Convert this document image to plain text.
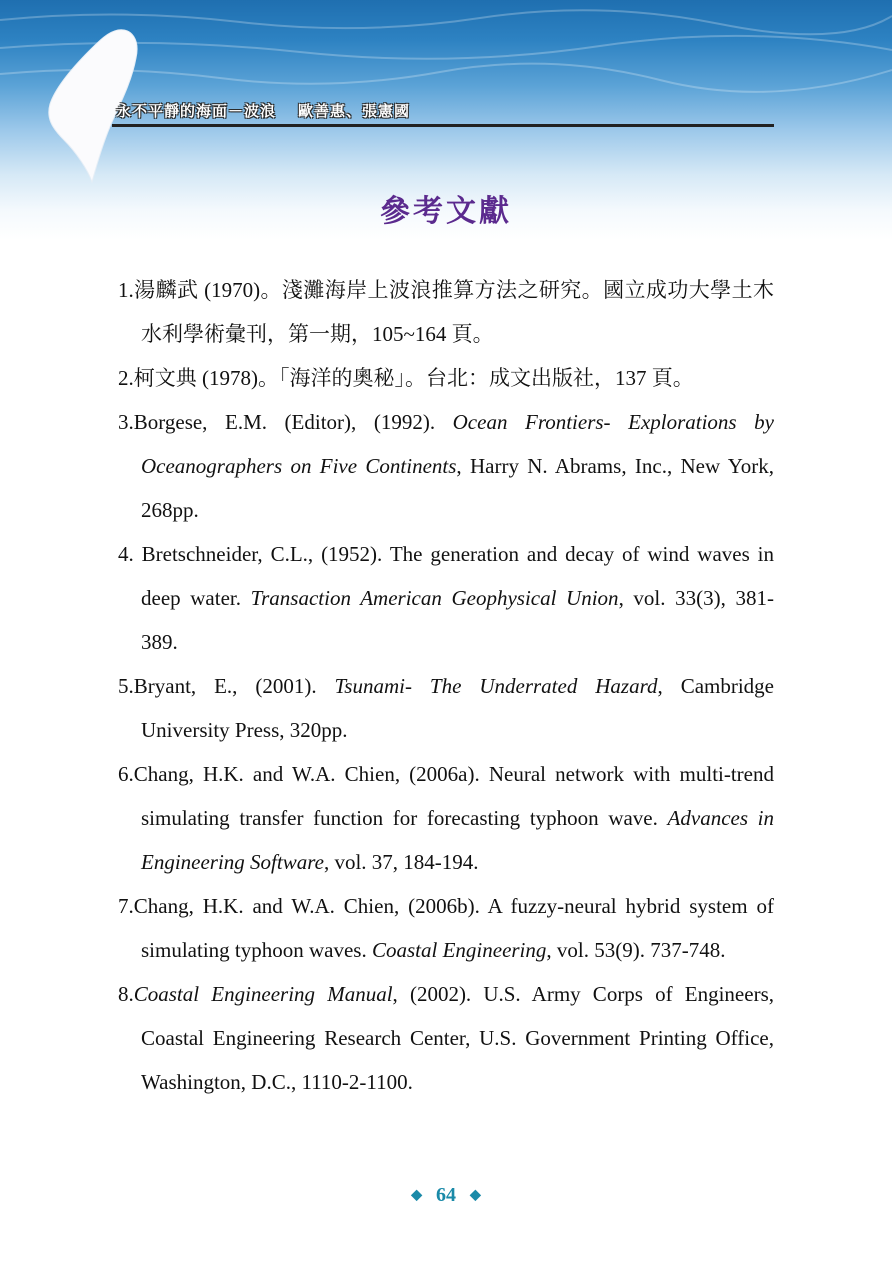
永不平靜的海面－波浪 歐善惠、張憲國
參考文獻
1.湯麟武 (1970)。淺灘海岸上波浪推算方法之研究。國立成功大學土木水利學術彙刊，第一期，105~164 頁。
2.柯文典 (1978)。「海洋的奧秘」。台北：成文出版社，137 頁。
3.Borgese, E.M. (Editor), (1992). Ocean Frontiers- Explorations by Oceanographers on Five Continents, Harry N. Abrams, Inc., New York, 268pp.
4. Bretschneider, C.L., (1952). The generation and decay of wind waves in deep water. Transaction American Geophysical Union, vol. 33(3), 381-389.
5.Bryant, E., (2001). Tsunami- The Underrated Hazard, Cambridge University Press, 320pp.
6.Chang, H.K. and W.A. Chien, (2006a). Neural network with multi-trend simulating transfer function for forecasting typhoon wave. Advances in Engineering Software, vol. 37, 184-194.
7.Chang, H.K. and W.A. Chien, (2006b). A fuzzy-neural hybrid system of simulating typhoon waves. Coastal Engineering, vol. 53(9). 737-748.
8.Coastal Engineering Manual, (2002). U.S. Army Corps of Engineers, Coastal Engineering Research Center, U.S. Government Printing Office, Washington, D.C., 1110-2-1100.
◆ 64 ◆
